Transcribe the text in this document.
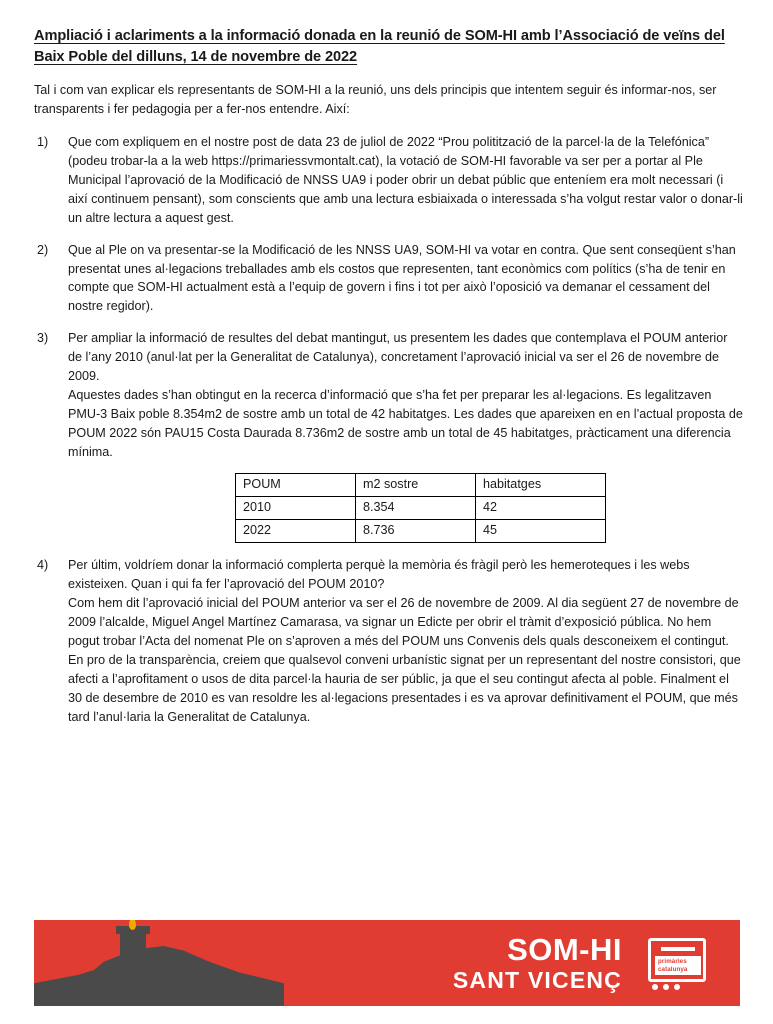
Ampliació i aclariments a la informació donada en la reunió de SOM-HI amb l’Associació de veïns del Baix Poble del dilluns, 14 de novembre de 2022

Tal i com van explicar els representants de SOM-HI a la reunió, uns dels principis que intentem seguir és informar-nos, ser transparents i fer pedagogia per a fer-nos entendre. Així:

1)	Que com expliquem en el nostre post de data 23 de juliol de 2022 “Prou politització de la parcel·la de la Telefónica” (podeu trobar-la a la web https://primariessvmontalt.cat), la votació de SOM-HI favorable va ser per a portar al Ple Municipal l’aprovació de la Modificació de NNSS UA9 i poder obrir un debat públic que enteníem era molt necessari (i així continuem pensant), som conscients que amb una lectura esbiaixada o interessada s’ha volgut restar valor o donar-li un altre lectura a aquest gest.
2)	Que al Ple on va presentar-se la Modificació de les NNSS UA9, SOM-HI va votar en contra. Que sent conseqüent s’han presentat unes al·legacions treballades amb els costos que representen, tant econòmics com polítics (s’ha de tenir en compte que SOM-HI actualment està a l’equip de govern i fins i tot per això l’oposició va demanar el cessament del nostre regidor).
3)	Per ampliar la informació de resultes del debat mantingut, us presentem les dades que contemplava el POUM anterior de l’any 2010 (anul·lat per la Generalitat de Catalunya), concretament l’aprovació inicial va ser el 26 de novembre de 2009.
Aquestes dades s’han obtingut en la recerca d’informació que s’ha fet per preparar les al·legacions. Es legalitzaven PMU-3 Baix poble 8.354m2 de sostre amb un total de 42 habitatges. Les dades que apareixen en en l’actual proposta de POUM 2022 són PAU15 Costa Daurada 8.736m2 de sostre amb un total de 45 habitatges, pràcticament una diferencia mínima.
POUM	m2 sostre	habitatges
2010	8.354	42
2022	8.736	45
4)	Per últim, voldríem donar la informació complerta perquè la memòria és fràgil però les hemeroteques i les webs existeixen. Quan i qui fa fer l’aprovació del POUM 2010?
Com hem dit l’aprovació inicial del POUM anterior va ser el 26 de novembre de 2009. Al dia següent 27 de novembre de 2009 l’alcalde, Miguel Angel Martínez Camarasa, va signar un Edicte per obrir el tràmit d’exposició pública. No hem pogut trobar l’Acta del nomenat Ple on s’aproven a més del POUM uns Convenis dels quals desconeixem el contingut. En pro de la transparència, creiem que qualsevol conveni urbanístic signat per un representant del nostre consistori, que afecti a l’aprofitament o usos de dita parcel·la hauria de ser públic, ja que el seu contingut afecta al poble. Finalment el 30 de desembre de 2010 es van resoldre les al·legacions presentades i es va aprovar definitivament el POUM, que més tard l’anul·laria la Generalitat de Catalunya.
SOM-HI
SANT VICENÇ
primàries
catalunya
